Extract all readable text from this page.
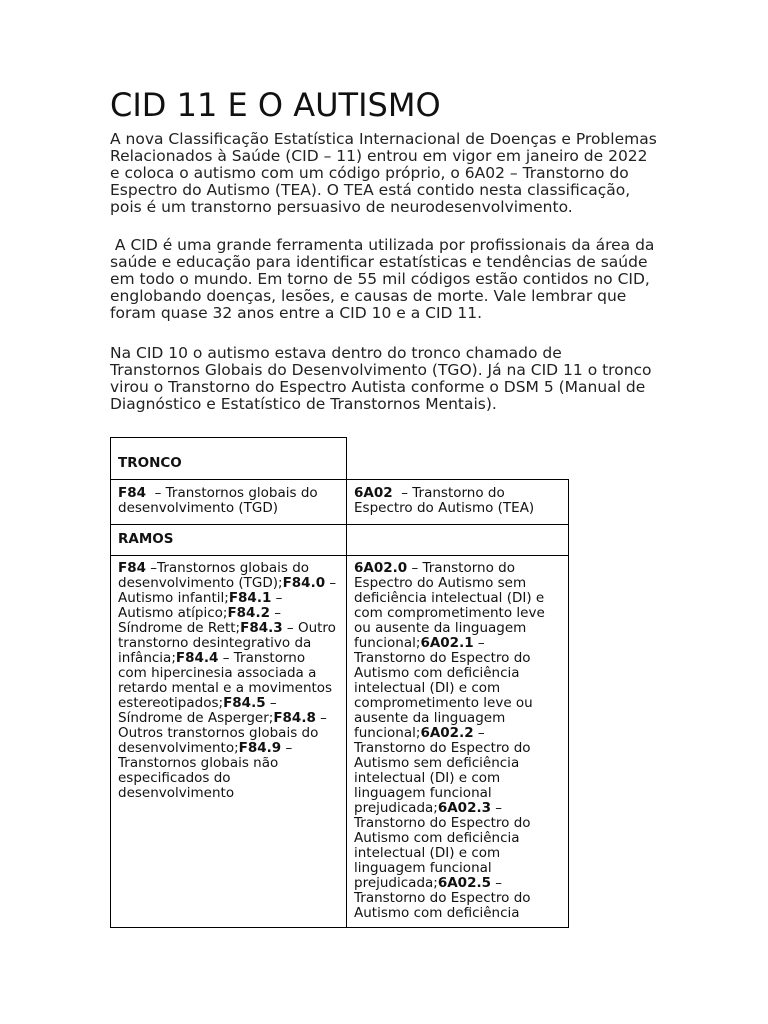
CID 11 E O AUTISMO
A nova Classificação Estatística Internacional de Doenças e Problemas
Relacionados à Saúde (CID – 11) entrou em vigor em janeiro de 2022
e coloca o autismo com um código próprio, o 6A02 – Transtorno do
Espectro do Autismo (TEA). O TEA está contido nesta classificação,
pois é um transtorno persuasivo de neurodesenvolvimento.
A CID é uma grande ferramenta utilizada por profissionais da área da
saúde e educação para identificar estatísticas e tendências de saúde
em todo o mundo. Em torno de 55 mil códigos estão contidos no CID,
englobando doenças, lesões, e causas de morte. Vale lembrar que
foram quase 32 anos entre a CID 10 e a CID 11.
Na CID 10 o autismo estava dentro do tronco chamado de
Transtornos Globais do Desenvolvimento (TGO). Já na CID 11 o tronco
virou o Transtorno do Espectro Autista conforme o DSM 5 (Manual de
Diagnóstico e Estatístico de Transtornos Mentais).
TRONCO
F84  – Transtornos globais do
desenvolvimento (TGD)
6A02  – Transtorno do
Espectro do Autismo (TEA)
RAMOS
F84 –Transtornos globais do
desenvolvimento (TGD);F84.0 –
Autismo infantil;F84.1 –
Autismo atípico;F84.2 –
Síndrome de Rett;F84.3 – Outro
transtorno desintegrativo da
infância;F84.4 – Transtorno
com hipercinesia associada a
retardo mental e a movimentos
estereotipados;F84.5 –
Síndrome de Asperger;F84.8 –
Outros transtornos globais do
desenvolvimento;F84.9 –
Transtornos globais não
especificados do
desenvolvimento
6A02.0 – Transtorno do
Espectro do Autismo sem
deficiência intelectual (DI) e
com comprometimento leve
ou ausente da linguagem
funcional;6A02.1 –
Transtorno do Espectro do
Autismo com deficiência
intelectual (DI) e com
comprometimento leve ou
ausente da linguagem
funcional;6A02.2 –
Transtorno do Espectro do
Autismo sem deficiência
intelectual (DI) e com
linguagem funcional
prejudicada;6A02.3 –
Transtorno do Espectro do
Autismo com deficiência
intelectual (DI) e com
linguagem funcional
prejudicada;6A02.5 –
Transtorno do Espectro do
Autismo com deficiência
